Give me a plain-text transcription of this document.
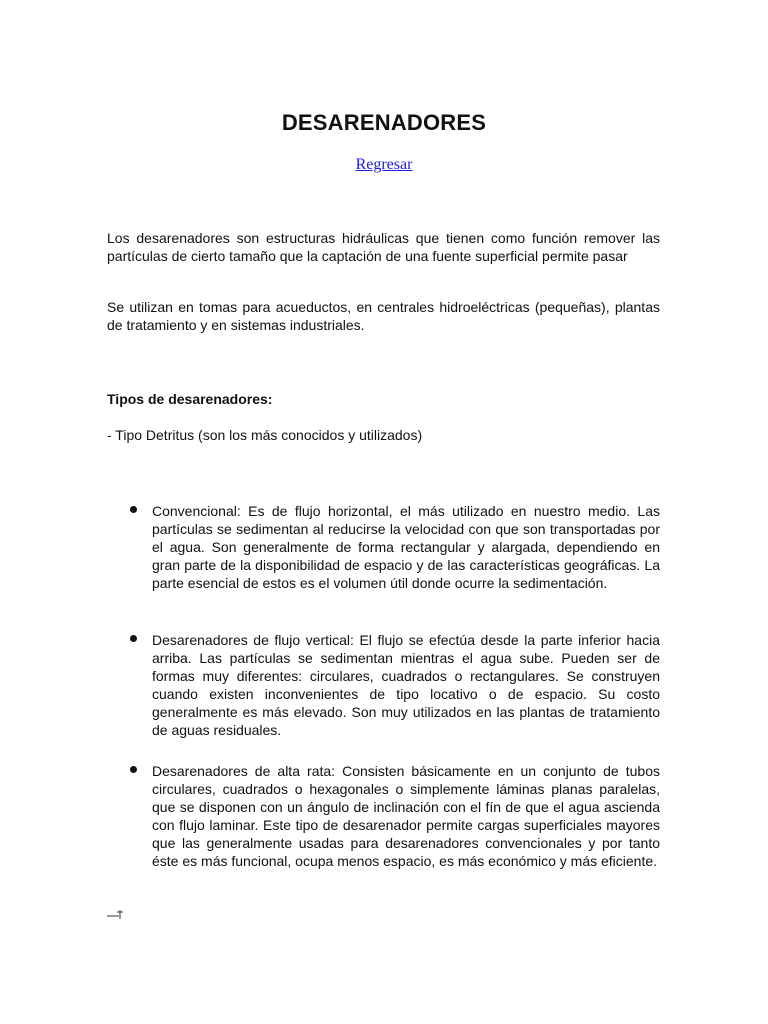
DESARENADORES
Regresar

Los desarenadores son estructuras hidráulicas que tienen como función remover las partículas de cierto tamaño que la captación de una fuente superficial permite pasar

Se utilizan en tomas para acueductos, en centrales hidroeléctricas (pequeñas), plantas de tratamiento y en sistemas industriales.

Tipos de desarenadores:

- Tipo Detritus (son los más conocidos y utilizados)

Convencional: Es de flujo horizontal, el más utilizado en nuestro medio. Las partículas se sedimentan al reducirse la velocidad con que son transportadas por el agua. Son generalmente de forma rectangular y alargada, dependiendo en gran parte de la disponibilidad de espacio y de las características geográficas. La parte esencial de estos es el volumen útil donde ocurre la sedimentación.
Desarenadores de flujo vertical: El flujo se efectúa desde la parte inferior hacia arriba. Las partículas se sedimentan mientras el agua sube. Pueden ser de formas muy diferentes: circulares, cuadrados o rectangulares. Se construyen cuando existen inconvenientes de tipo locativo o de espacio. Su costo generalmente es más elevado. Son muy utilizados en las plantas de tratamiento de aguas residuales.
Desarenadores de alta rata: Consisten básicamente en un conjunto de tubos circulares, cuadrados o hexagonales o simplemente láminas planas paralelas, que se disponen con un ángulo de inclinación con el fín de que el agua ascienda con flujo laminar. Este tipo de desarenador permite cargas superficiales mayores que las generalmente usadas para desarenadores convencionales y por tanto éste es más funcional, ocupa menos espacio, es más económico y más eficiente.
